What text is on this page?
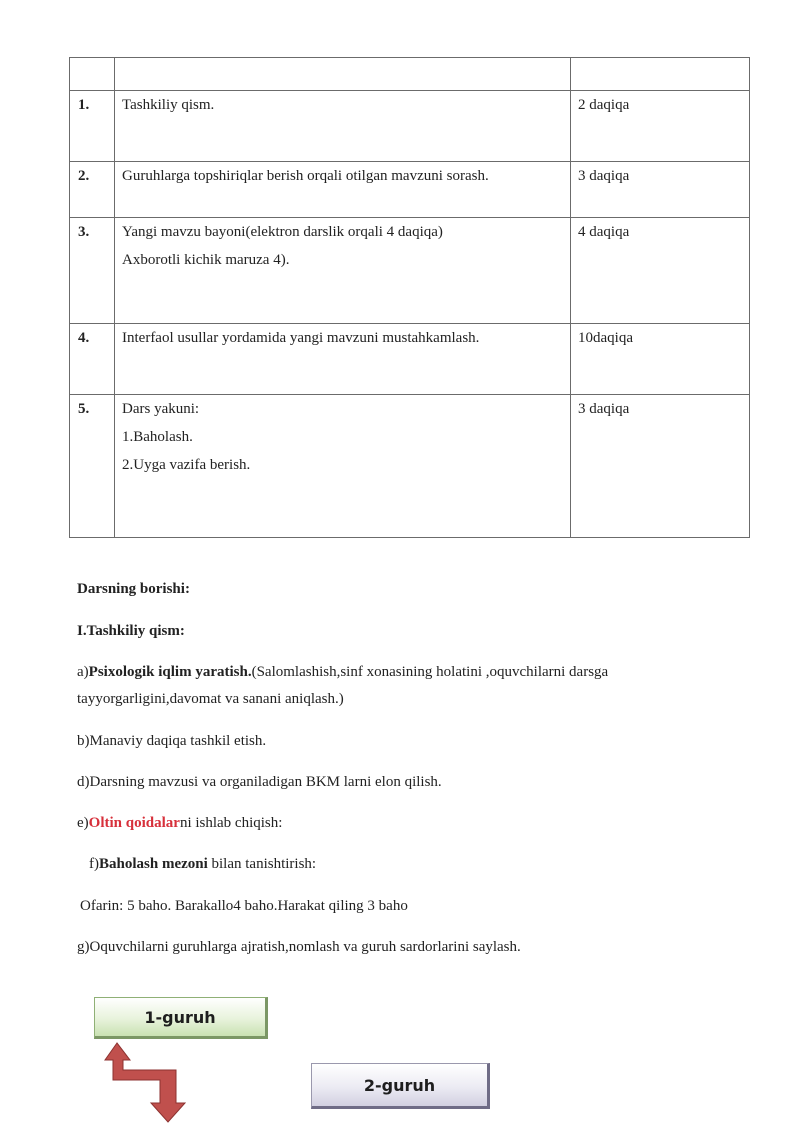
1.	Tashkiliy qism.	2 daqiqa

2.	Guruhlarga topshiriqlar berish orqali otilgan mavzuni sorash.	3 daqiqa

3.	Yangi mavzu bayoni(elektron darslik orqali 4 daqiqa)
Axborotli kichik maruza 4).	4 daqiqa

4.	Interfaol usullar yordamida yangi mavzuni mustahkamlash.	10daqiqa

5.	Dars yakuni:
1.Baholash.
2.Uyga vazifa berish.	3 daqiqa
Darsning borishi:
I.Tashkiliy qism:
a)Psixologik iqlim yaratish.(Salomlashish,sinf xonasining holatini ,oquvchilarni darsga
tayyorgarligini,davomat va sanani aniqlash.)
b)Manaviy daqiqa tashkil etish.
d)Darsning mavzusi va organiladigan BKM larni elon qilish.
e)Oltin qoidalarni ishlab chiqish:
f)Baholash mezoni bilan tanishtirish:
Ofarin: 5 baho. Barakallo4 baho.Harakat qiling 3 baho
g)Oquvchilarni guruhlarga ajratish,nomlash va guruh sardorlarini saylash.
1-guruh
2-guruh
